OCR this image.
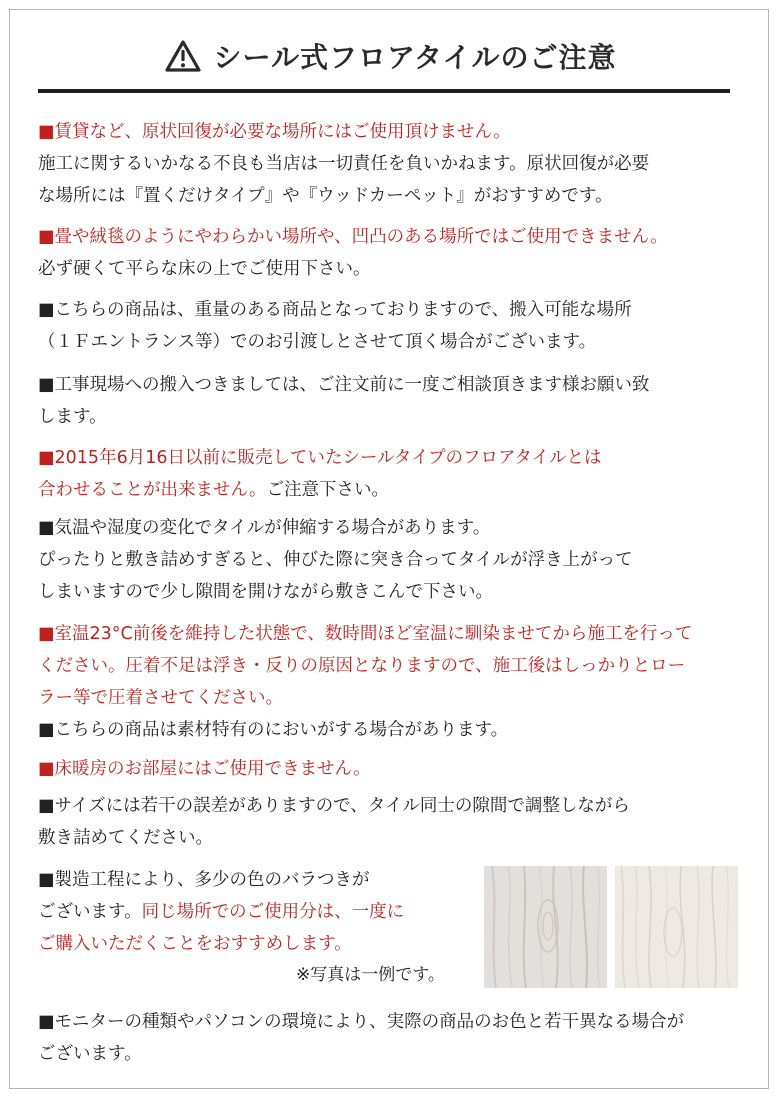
シール式フロアタイルのご注意
■賃貸など、原状回復が必要な場所にはご使用頂けません。
施工に関するいかなる不良も当店は一切責任を負いかねます。原状回復が必要
な場所には『置くだけタイプ』や『ウッドカーペット』がおすすめです。
■畳や絨毯のようにやわらかい場所や、凹凸のある場所ではご使用できません。
必ず硬くて平らな床の上でご使用下さい。
■こちらの商品は、重量のある商品となっておりますので、搬入可能な場所
（１Ｆエントランス等）でのお引渡しとさせて頂く場合がございます。
■工事現場への搬入つきましては、ご注文前に一度ご相談頂きます様お願い致
します。
■2015年6月16日以前に販売していたシールタイプのフロアタイルとは
合わせることが出来ません。ご注意下さい。
■気温や湿度の変化でタイルが伸縮する場合があります。
ぴったりと敷き詰めすぎると、伸びた際に突き合ってタイルが浮き上がって
しまいますので少し隙間を開けながら敷きこんで下さい。
■室温23°C前後を維持した状態で、数時間ほど室温に馴染ませてから施工を行って
ください。圧着不足は浮き・反りの原因となりますので、施工後はしっかりとロー
ラー等で圧着させてください。
■こちらの商品は素材特有のにおいがする場合があります。
■床暖房のお部屋にはご使用できません。
■サイズには若干の誤差がありますので、タイル同士の隙間で調整しながら
敷き詰めてください。
■製造工程により、多少の色のバラつきが
ございます。同じ場所でのご使用分は、一度に
ご購入いただくことをおすすめします。
※写真は一例です。
■モニターの種類やパソコンの環境により、実際の商品のお色と若干異なる場合が
ございます。
